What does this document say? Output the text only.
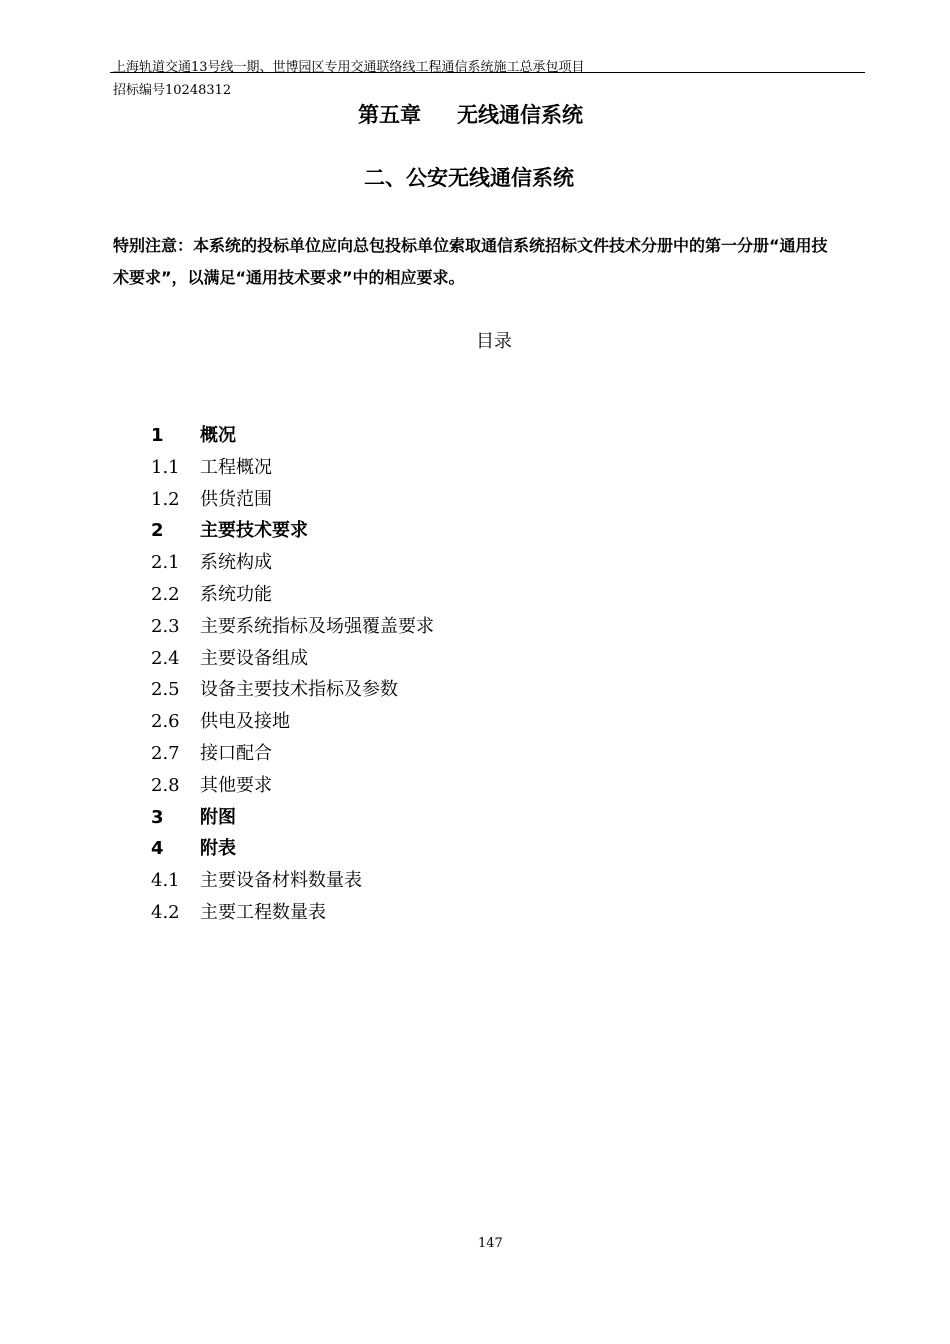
上海轨道交通13号线一期、世博园区专用交通联络线工程通信系统施工总承包项目
招标编号10248312
第五章 无线通信系统
二、公安无线通信系统
特别注意：本系统的投标单位应向总包投标单位索取通信系统招标文件技术分册中的第一分册“通用技术要求”，以满足“通用技术要求”中的相应要求。
目录
1 概况
1.1 工程概况
1.2 供货范围
2 主要技术要求
2.1 系统构成
2.2 系统功能
2.3 主要系统指标及场强覆盖要求
2.4 主要设备组成
2.5 设备主要技术指标及参数
2.6 供电及接地
2.7 接口配合
2.8 其他要求
3 附图
4 附表
4.1 主要设备材料数量表
4.2 主要工程数量表
147
